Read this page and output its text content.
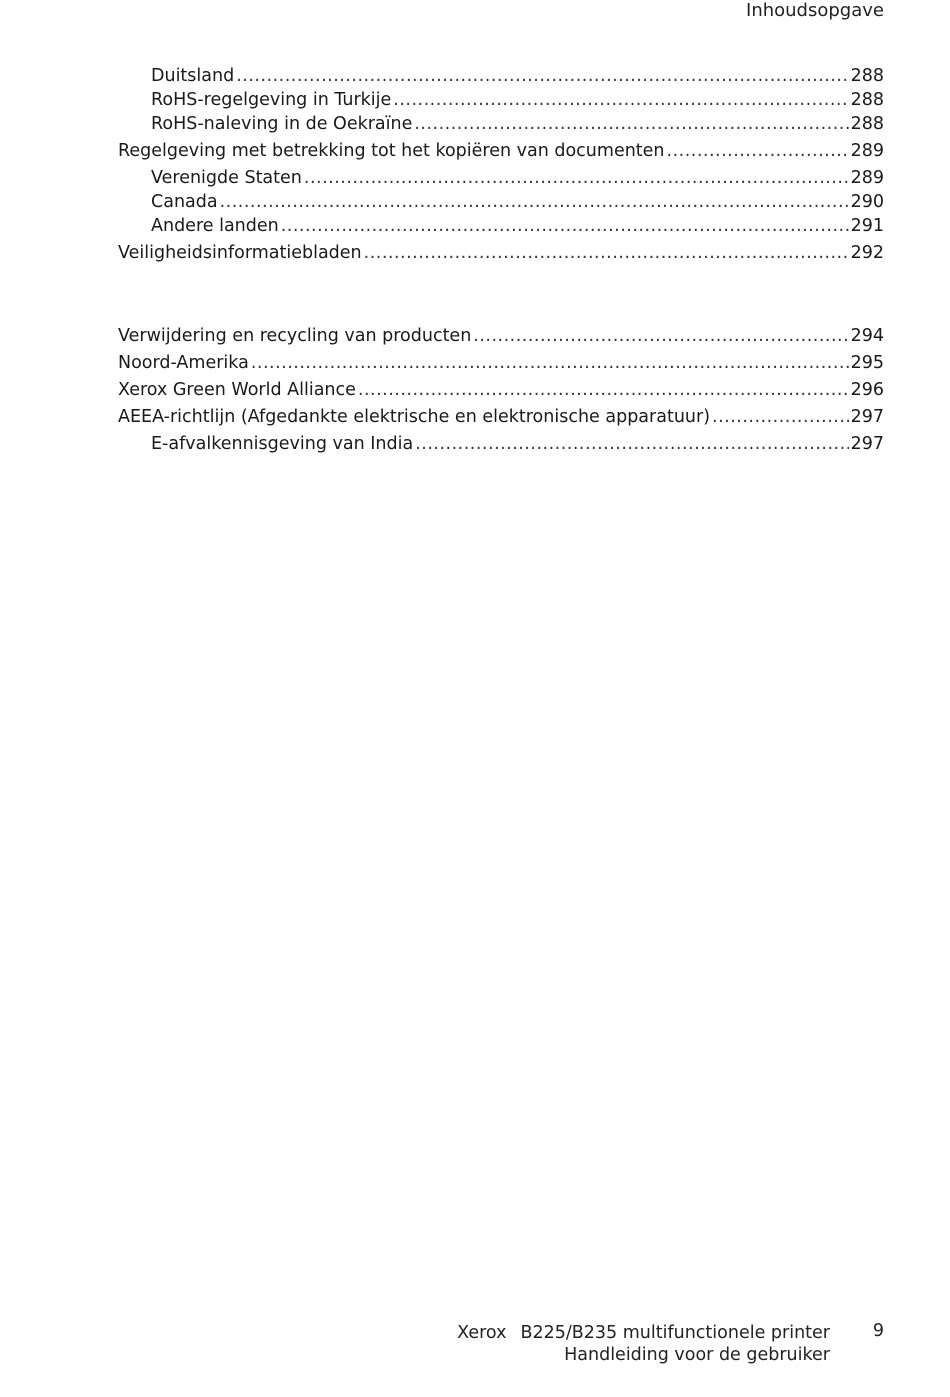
Inhoudsopgave
Duitsland .....	288
RoHS-regelgeving in Turkije .....	288
RoHS-naleving in de Oekraïne .....	288
Regelgeving met betrekking tot het kopiëren van documenten .....	289
Verenigde Staten .....	289
Canada .....	290
Andere landen .....	291
Veiligheidsinformatiebladen .....	292
Verwijdering en recycling van producten .....	294
Noord-Amerika .....	295
Xerox Green World Alliance .....	296
AEEA-richtlijn (Afgedankte elektrische en elektronische apparatuur) .....	297
E-afvalkennisgeving van India .....	297
Xerox B225/B235 multifunctionele printer
Handleiding voor de gebruiker
9
